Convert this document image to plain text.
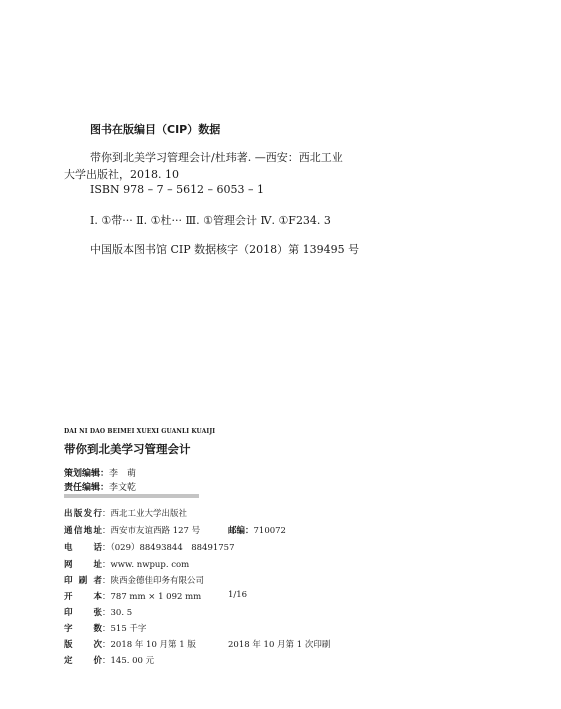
图书在版编目（CIP）数据
带你到北美学习管理会计/杜玮著. —西安：西北工业
大学出版社，2018. 10
ISBN 978 – 7 – 5612 – 6053 – 1
Ⅰ. ①带··· Ⅱ. ①杜··· Ⅲ. ①管理会计 Ⅳ. ①F234. 3
中国版本图书馆 CIP 数据核字（2018）第 139495 号
DAI NI DAO BEIMEI XUEXI GUANLI KUAIJI
带你到北美学习管理会计
策划编辑：李　萌
责任编辑：李文乾
出版发行：西北工业大学出版社
通信地址：西安市友谊西路 127 号	邮编：710072
电话：（029）88493844　88491757
网址：www. nwpup. com
印刷者：陕西金德佳印务有限公司
开本：787 mm × 1 092 mm	1/16
印张：30. 5
字数：515 千字
版次：2018 年 10 月第 1 版	2018 年 10 月第 1 次印刷
定价：145. 00 元
